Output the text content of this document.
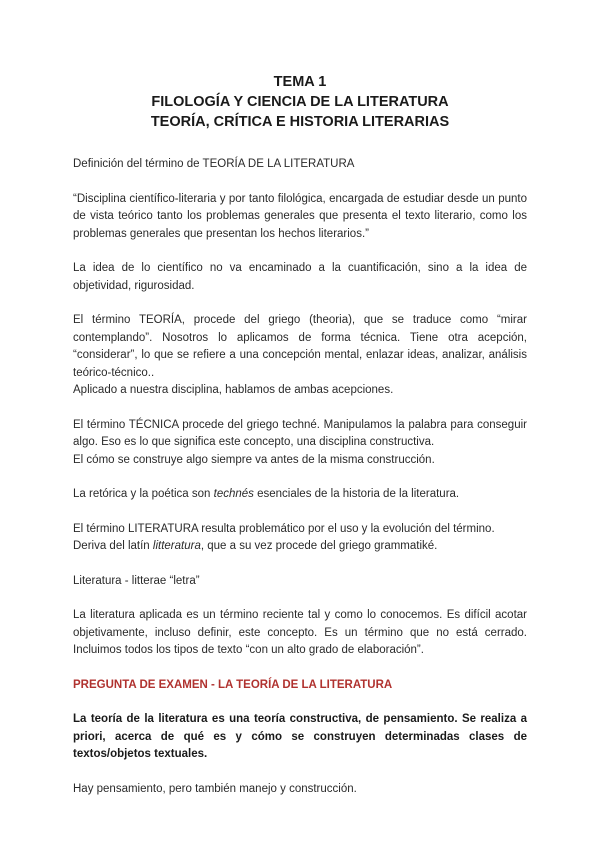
TEMA 1
FILOLOGÍA Y CIENCIA DE LA LITERATURA
TEORÍA, CRÍTICA E HISTORIA LITERARIAS

Definición del término de TEORÍA DE LA LITERATURA

“Disciplina científico-literaria y por tanto filológica, encargada de estudiar desde un punto de vista teórico tanto los problemas generales que presenta el texto literario, como los problemas generales que presentan los hechos literarios.”

La idea de lo científico no va encaminado a la cuantificación, sino a la idea de objetividad, rigurosidad.

El término TEORÍA, procede del griego (theoria), que se traduce como “mirar contemplando”. Nosotros lo aplicamos de forma técnica. Tiene otra acepción, “considerar”, lo que se refiere a una concepción mental, enlazar ideas, analizar, análisis teórico-técnico..

Aplicado a nuestra disciplina, hablamos de ambas acepciones.

El término TÉCNICA procede del griego techné. Manipulamos la palabra para conseguir algo. Eso es lo que significa este concepto, una disciplina constructiva.

El cómo se construye algo siempre va antes de la misma construcción.

La retórica y la poética son technés esenciales de la historia de la literatura.

El término LITERATURA resulta problemático por el uso y la evolución del término.

Deriva del latín litteratura, que a su vez procede del griego grammatiké.

Literatura - litterae “letra”

La literatura aplicada es un término reciente tal y como lo conocemos. Es difícil acotar objetivamente, incluso definir, este concepto. Es un término que no está cerrado. Incluimos todos los tipos de texto “con un alto grado de elaboración”.

PREGUNTA DE EXAMEN - LA TEORÍA DE LA LITERATURA

La teoría de la literatura es una teoría constructiva, de pensamiento. Se realiza a priori, acerca de qué es y cómo se construyen determinadas clases de textos/objetos textuales.

Hay pensamiento, pero también manejo y construcción.
